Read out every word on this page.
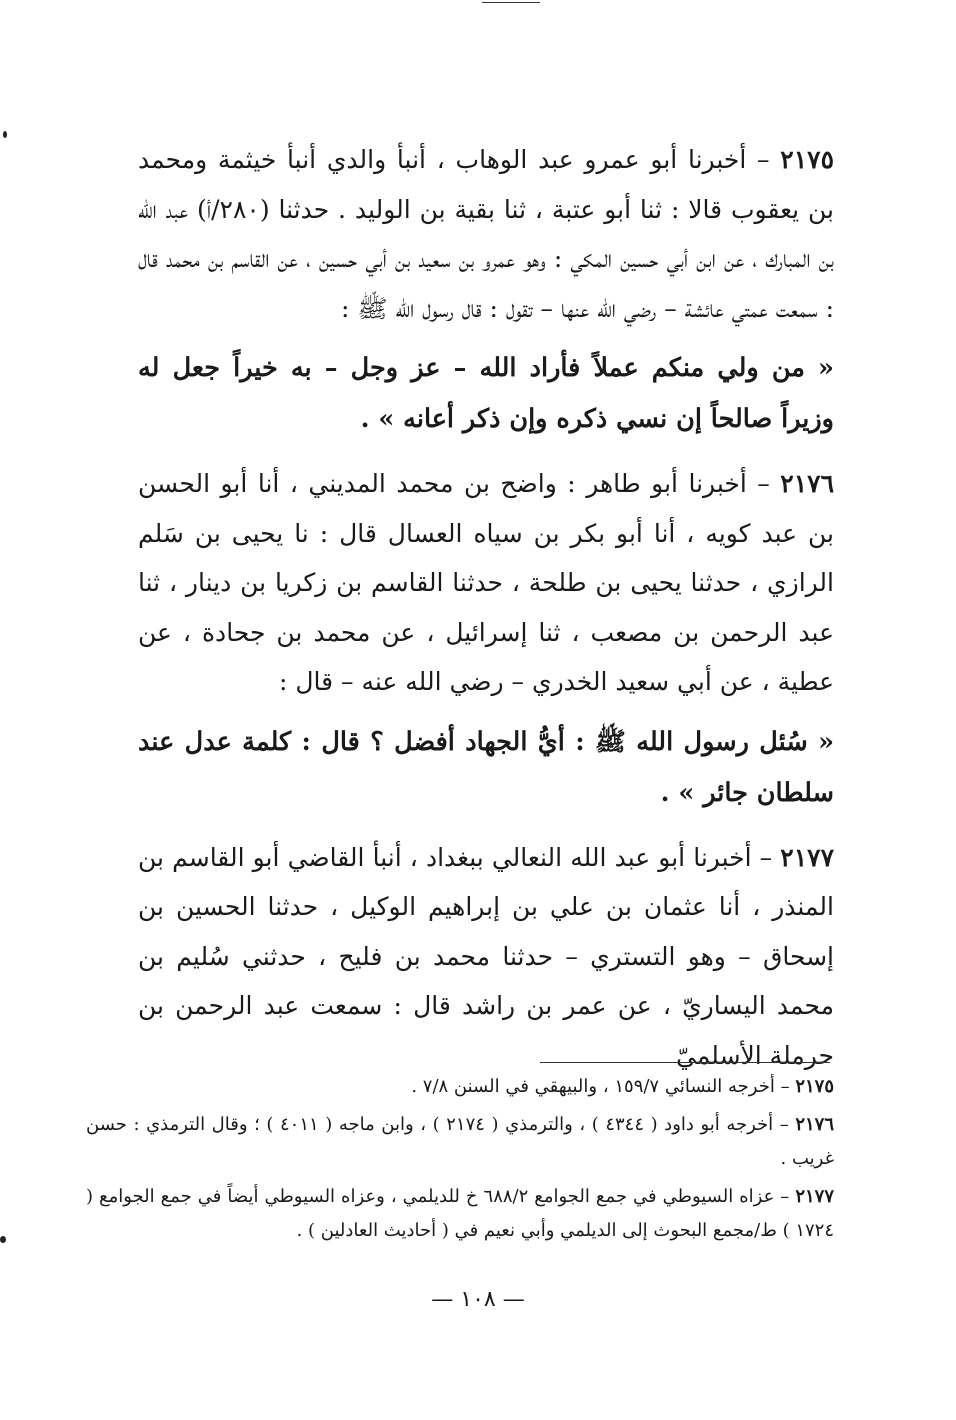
٢١٧٥ – أخبرنا أبو عمرو عبد الوهاب ، أنبأ والدي أنبأ خيثمة ومحمد بن يعقوب قالا : ثنا أبو عتبة ، ثنا بقية بن الوليد . حدثنا (٢٨٠/أ) عبد الله بن المبارك ، عن ابن أبي حسين المكي : وهو عمرو بن سعيد بن أبي حسين ، عن القاسم بن محمد قال : سمعت عمتي عائشة – رضي الله عنها – تقول : قال رسول الله ﷺ :

« من ولي منكم عملاً فأراد الله – عز وجل – به خيراً جعل له وزيراً صالحاً إن نسي ذكره وإن ذكر أعانه » .

٢١٧٦ – أخبرنا أبو طاهر : واضح بن محمد المديني ، أنا أبو الحسن بن عبد كويه ، أنا أبو بكر بن سياه العسال قال : نا يحيى بن سَلم الرازي ، حدثنا يحيى بن طلحة ، حدثنا القاسم بن زكريا بن دينار ، ثنا عبد الرحمن بن مصعب ، ثنا إسرائيل ، عن محمد بن جحادة ، عن عطية ، عن أبي سعيد الخدري – رضي الله عنه – قال :

« سُئل رسول الله ﷺ : أيُّ الجهاد أفضل ؟ قال : كلمة عدل عند سلطان جائر » .

٢١٧٧ – أخبرنا أبو عبد الله النعالي ببغداد ، أنبأ القاضي أبو القاسم بن المنذر ، أنا عثمان بن علي بن إبراهيم الوكيل ، حدثنا الحسين بن إسحاق – وهو التستري – حدثنا محمد بن فليح ، حدثني سُليم بن محمد اليساريّ ، عن عمر بن راشد قال : سمعت عبد الرحمن بن حرملة الأسلميّ

٢١٧٥ – أخرجه النسائي ١٥٩/٧ ، والبيهقي في السنن ٧/٨ .

٢١٧٦ – أخرجه أبو داود ( ٤٣٤٤ ) ، والترمذي ( ٢١٧٤ ) ، وابن ماجه ( ٤٠١١ ) ؛ وقال الترمذي : حسن غريب .

٢١٧٧ – عزاه السيوطي في جمع الجوامع ٦٨٨/٢ خ للديلمي ، وعزاه السيوطي أيضاً في جمع الجوامع ( ١٧٢٤ ) ط/مجمع البحوث إلى الديلمي وأبي نعيم في ( أحاديث العادلين ) .

— ١٠٨ —
